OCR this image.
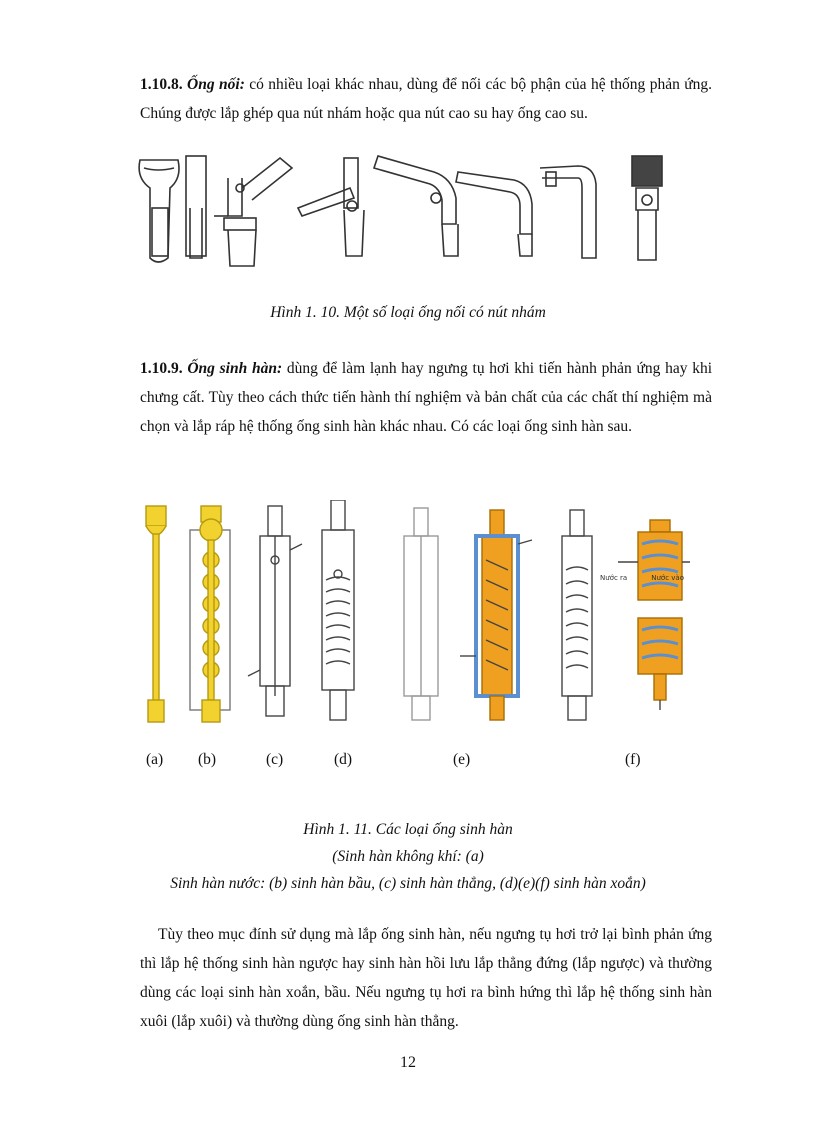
1.10.8. Ống nối: có nhiều loại khác nhau, dùng để nối các bộ phận của hệ thống phản ứng. Chúng được lắp ghép qua nút nhám hoặc qua nút cao su hay ống cao su.

Hình 1. 10. Một số loại ống nối có nút nhám

1.10.9. Ống sinh hàn: dùng để làm lạnh hay ngưng tụ hơi khi tiến hành phản ứng hay khi chưng cất. Tùy theo cách thức tiến hành thí nghiệm và bản chất của các chất thí nghiệm mà chọn và lắp ráp hệ thống ống sinh hàn khác nhau. Có các loại ống sinh hàn sau.

Nước ra	Nước vào
(a) (b)	(c)	(d)	(e)	(f)
Hình 1. 11. Các loại ống sinh hàn
(Sinh hàn không khí: (a)
Sinh hàn nước: (b) sinh hàn bầu, (c) sinh hàn thẳng, (d)(e)(f) sinh hàn xoắn)

Tùy theo mục đính sử dụng mà lắp ống sinh hàn, nếu ngưng tụ hơi trở lại bình phản ứng thì lắp hệ thống sinh hàn ngược hay sinh hàn hồi lưu lắp thẳng đứng (lắp ngược) và thường dùng các loại sinh hàn xoắn, bầu. Nếu ngưng tụ hơi ra bình hứng thì lắp hệ thống sinh hàn xuôi (lắp xuôi) và thường dùng ống sinh hàn thẳng.

12
